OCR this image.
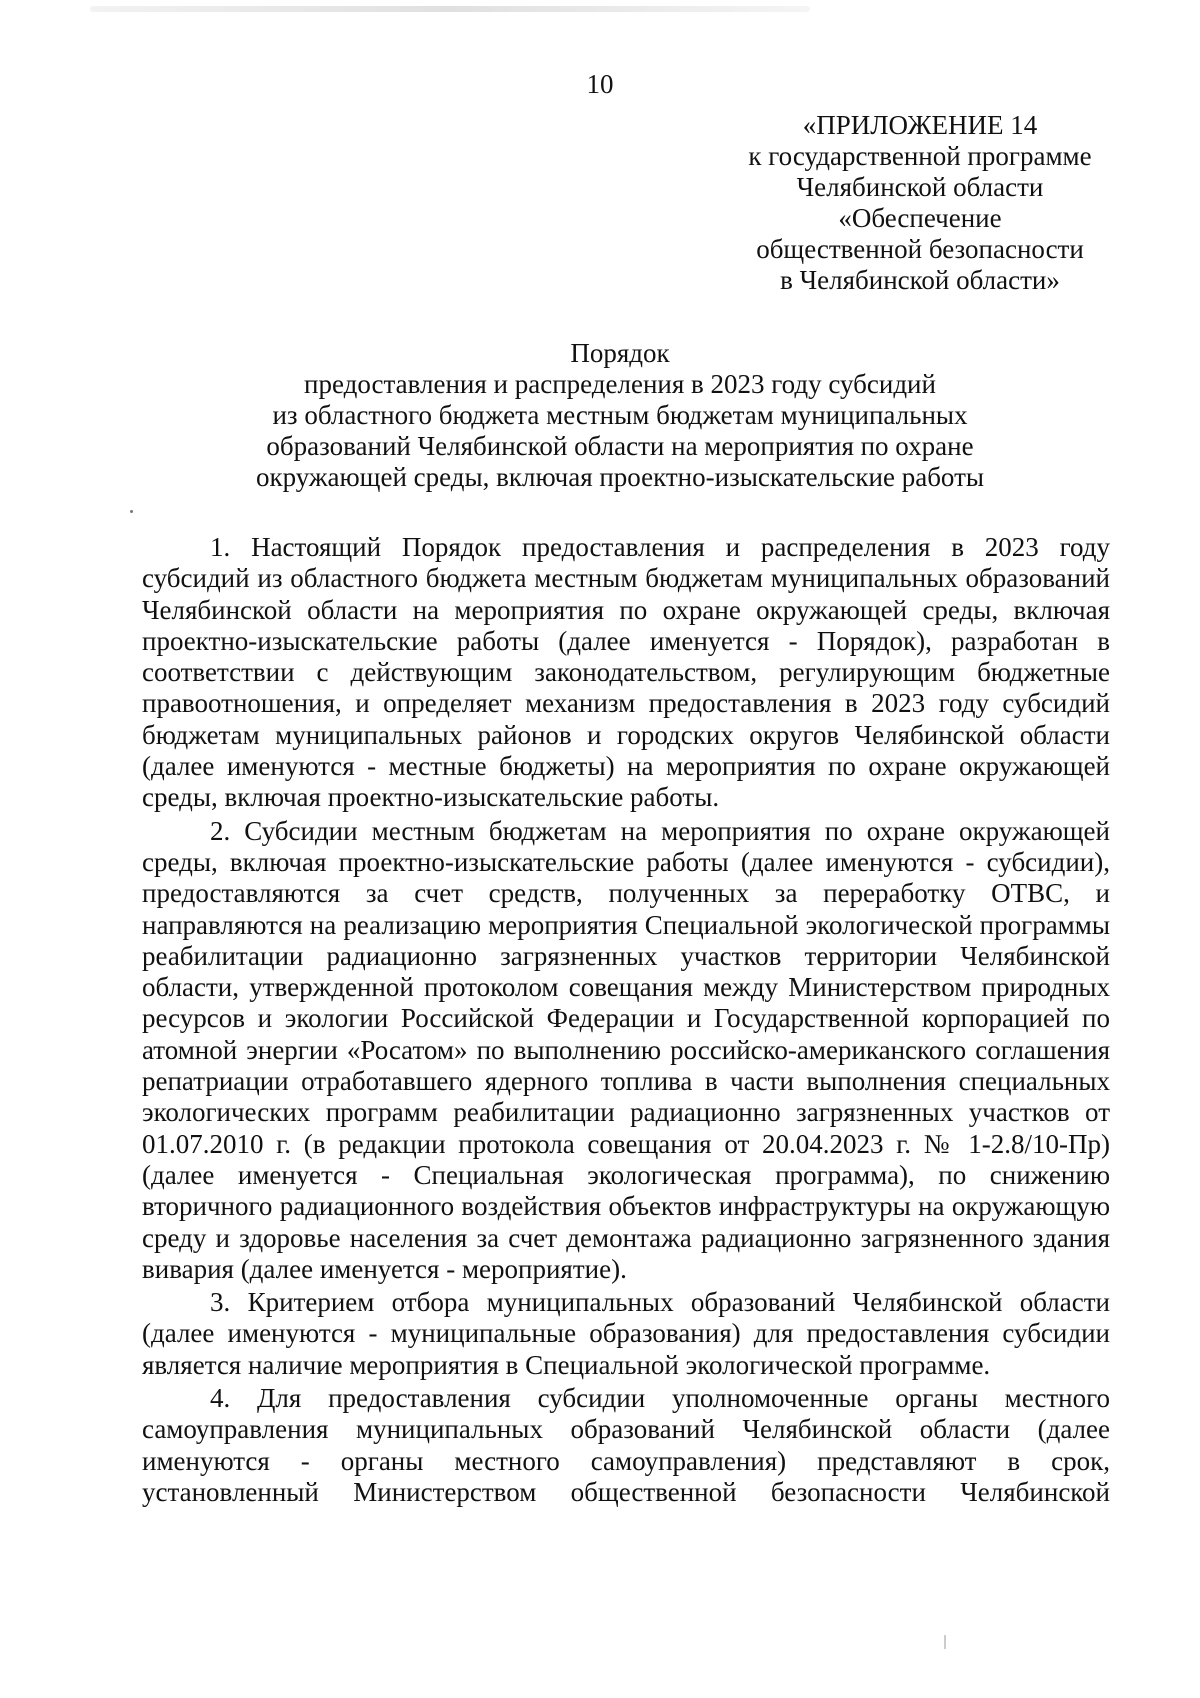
10
«ПРИЛОЖЕНИЕ 14
к государственной программе
Челябинской области
«Обеспечение
общественной безопасности
в Челябинской области»
Порядок
предоставления и распределения в 2023 году субсидий
из областного бюджета местным бюджетам муниципальных
образований Челябинской области на мероприятия по охране
окружающей среды, включая проектно-изыскательские работы

1. Настоящий Порядок предоставления и распределения в 2023 году субсидий из областного бюджета местным бюджетам муниципальных образований Челябинской области на мероприятия по охране окружающей среды, включая проектно-изыскательские работы (далее именуется - Порядок), разработан в соответствии с действующим законодательством, регулирующим бюджетные правоотношения, и определяет механизм предоставления в 2023 году субсидий бюджетам муниципальных районов и городских округов Челябинской области (далее именуются - местные бюджеты) на мероприятия по охране окружающей среды, включая проектно-изыскательские работы.

2. Субсидии местным бюджетам на мероприятия по охране окружающей среды, включая проектно-изыскательские работы (далее именуются - субсидии), предоставляются за счет средств, полученных за переработку ОТВС, и направляются на реализацию мероприятия Специальной экологической программы реабилитации радиационно загрязненных участков территории Челябинской области, утвержденной протоколом совещания между Министерством природных ресурсов и экологии Российской Федерации и Государственной корпорацией по атомной энергии «Росатом» по выполнению российско-американского соглашения репатриации отработавшего ядерного топлива в части выполнения специальных экологических программ реабилитации радиационно загрязненных участков от 01.07.2010 г. (в редакции протокола совещания от 20.04.2023 г. № 1-2.8/10-Пр) (далее именуется - Специальная экологическая программа), по снижению вторичного радиационного воздействия объектов инфраструктуры на окружающую среду и здоровье населения за счет демонтажа радиационно загрязненного здания вивария (далее именуется - мероприятие).

3. Критерием отбора муниципальных образований Челябинской области (далее именуются - муниципальные образования) для предоставления субсидии является наличие мероприятия в Специальной экологической программе.

4. Для предоставления субсидии уполномоченные органы местного самоуправления муниципальных образований Челябинской области (далее именуются - органы местного самоуправления) представляют в срок, установленный Министерством общественной безопасности Челябинской
